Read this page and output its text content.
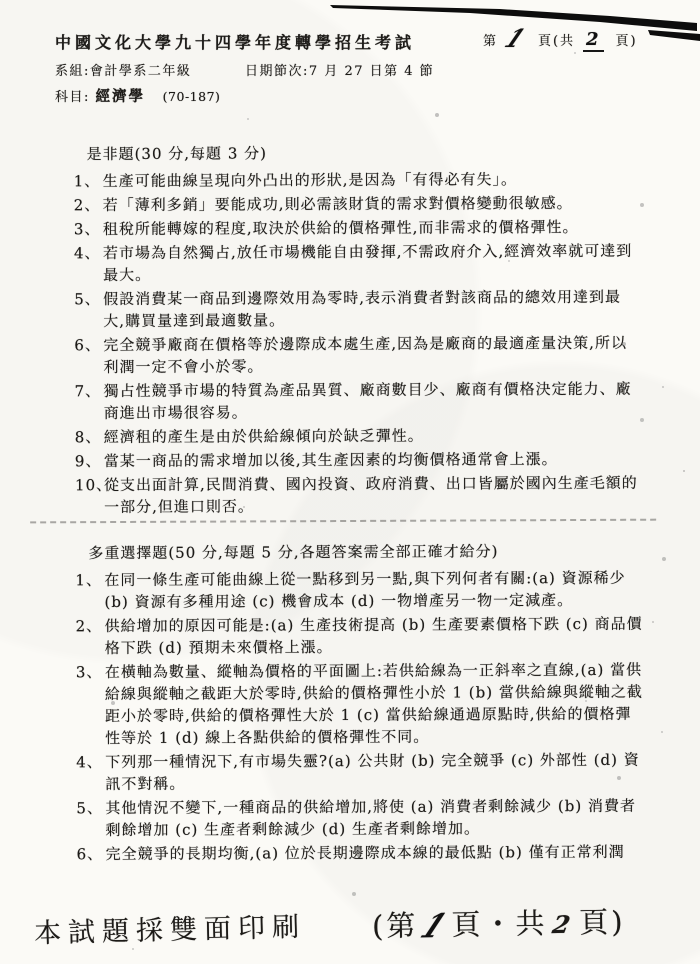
中國文化大學九十四學年度轉學招生考試	第 1 頁(共 2 頁)
系組:會計學系二年級	日期節次:7 月 27 日第 4 節
科目: 經濟學 (70-187)
是非題(30 分,每題 3 分)
1、 生產可能曲線呈現向外凸出的形狀,是因為「有得必有失」。
2、 若「薄利多銷」要能成功,則必需該財貨的需求對價格變動很敏感。
3、 租稅所能轉嫁的程度,取決於供給的價格彈性,而非需求的價格彈性。
4、 若市場為自然獨占,放任市場機能自由發揮,不需政府介入,經濟效率就可達到最大。
5、 假設消費某一商品到邊際效用為零時,表示消費者對該商品的總效用達到最大,購買量達到最適數量。
6、 完全競爭廠商在價格等於邊際成本處生產,因為是廠商的最適產量決策,所以利潤一定不會小於零。
7、 獨占性競爭市場的特質為產品異質、廠商數目少、廠商有價格決定能力、廠商進出市場很容易。
8、 經濟租的產生是由於供給線傾向於缺乏彈性。
9、 當某一商品的需求增加以後,其生產因素的均衡價格通常會上漲。
10、
從支出面計算,民間消費、國內投資、政府消費、出口皆屬於國內生產毛額的一部分,但進口則否。
多重選擇題(50 分,每題 5 分,各題答案需全部正確才給分)
1、 在同一條生產可能曲線上從一點移到另一點,與下列何者有關:(a) 資源稀少 (b) 資源有多種用途 (c) 機會成本 (d) 一物增產另一物一定減產。
2、 供給增加的原因可能是:(a) 生產技術提高 (b) 生產要素價格下跌 (c) 商品價格下跌 (d) 預期未來價格上漲。
3、 在橫軸為數量、縱軸為價格的平面圖上:若供給線為一正斜率之直線,(a) 當供給線與縱軸之截距大於零時,供給的價格彈性小於 1 (b) 當供給線與縱軸之截距小於零時,供給的價格彈性大於 1 (c) 當供給線通過原點時,供給的價格彈性等於 1 (d) 線上各點供給的價格彈性不同。
4、 下列那一種情況下,有市場失靈?(a) 公共財 (b) 完全競爭 (c) 外部性 (d) 資訊不對稱。
5、 其他情況不變下,一種商品的供給增加,將使 (a) 消費者剩餘減少 (b) 消費者剩餘增加 (c) 生產者剩餘減少 (d) 生產者剩餘增加。
6、 完全競爭的長期均衡,(a) 位於長期邊際成本線的最低點 (b) 僅有正常利潤
本試題採雙面印刷 (第1頁・共 2頁)
